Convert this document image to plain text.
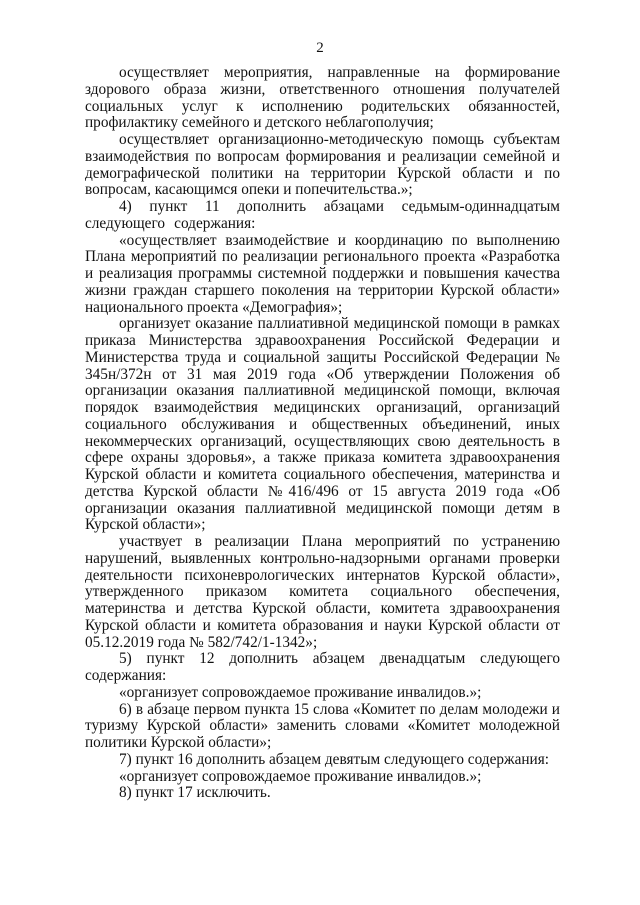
2

осуществляет мероприятия, направленные на формирование здорового образа жизни, ответственного отношения получателей социальных услуг к исполнению родительских обязанностей, профилактику семейного и детского неблагополучия;

осуществляет организационно-методическую помощь субъектам взаимодействия по вопросам формирования и реализации семейной и демографической политики на территории Курской области и по вопросам, касающимся опеки и попечительства.»;

4) пункт 11 дополнить абзацами седьмым-одиннадцатым следующего содержания:

«осуществляет взаимодействие и координацию по выполнению Плана мероприятий по реализации регионального проекта «Разработка и реализация программы системной поддержки и повышения качества жизни граждан старшего поколения на территории Курской области» национального проекта «Демография»;

организует оказание паллиативной медицинской помощи в рамках приказа Министерства здравоохранения Российской Федерации и Министерства труда и социальной защиты Российской Федерации № 345н/372н от 31 мая 2019 года «Об утверждении Положения об организации оказания паллиативной медицинской помощи, включая порядок взаимодействия медицинских организаций, организаций социального обслуживания и общественных объединений, иных некоммерческих организаций, осуществляющих свою деятельность в сфере охраны здоровья», а также приказа комитета здравоохранения Курской области и комитета социального обеспечения, материнства и детства Курской области №416/496 от 15 августа 2019 года «Об организации оказания паллиативной медицинской помощи детям в Курской области»;

участвует в реализации Плана мероприятий по устранению нарушений, выявленных контрольно-надзорными органами проверки деятельности психоневрологических интернатов Курской области», утвержденного приказом комитета социального обеспечения, материнства и детства Курской области, комитета здравоохранения Курской области и комитета образования и науки Курской области от 05.12.2019 года № 582/742/1-1342»;

5) пункт 12 дополнить абзацем двенадцатым следующего содержания:

«организует сопровождаемое проживание инвалидов.»;

6) в абзаце первом пункта 15 слова «Комитет по делам молодежи и туризму Курской области» заменить словами «Комитет молодежной политики Курской области»;

7) пункт 16 дополнить абзацем девятым следующего содержания:

«организует сопровождаемое проживание инвалидов.»;

8) пункт 17 исключить.
